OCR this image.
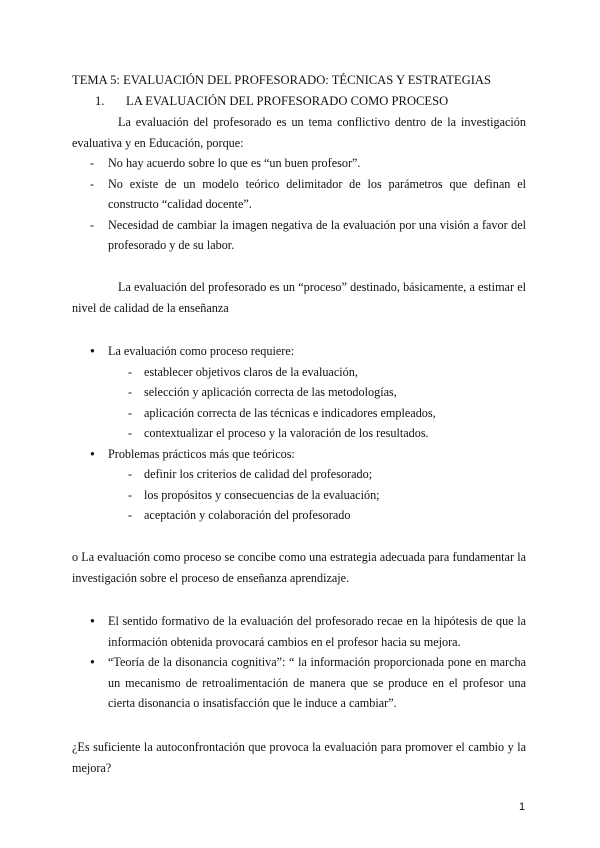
TEMA 5: EVALUACIÓN DEL PROFESORADO: TÉCNICAS Y ESTRATEGIAS
1. LA EVALUACIÓN DEL PROFESORADO COMO PROCESO
La evaluación del profesorado es un tema conflictivo dentro de la investigación evaluativa y en Educación, porque:
- No hay acuerdo sobre lo que es “un buen profesor”.
- No existe de un modelo teórico delimitador de los parámetros que definan el constructo “calidad docente”.
- Necesidad de cambiar la imagen negativa de la evaluación por una visión a favor del profesorado y de su labor.
La evaluación del profesorado es un “proceso” destinado, básicamente, a estimar el nivel de calidad de la enseñanza
● La evaluación como proceso requiere:
- establecer objetivos claros de la evaluación,
- selección y aplicación correcta de las metodologías,
- aplicación correcta de las técnicas e indicadores empleados,
- contextualizar el proceso y la valoración de los resultados.
● Problemas prácticos más que teóricos:
- definir los criterios de calidad del profesorado;
- los propósitos y consecuencias de la evaluación;
- aceptación y colaboración del profesorado
o La evaluación como proceso se concibe como una estrategia adecuada para fundamentar la investigación sobre el proceso de enseñanza aprendizaje.
● El sentido formativo de la evaluación del profesorado recae en la hipótesis de que la información obtenida provocará cambios en el profesor hacia su mejora.
● “Teoría de la disonancia cognitiva”: “ la información proporcionada pone en marcha un mecanismo de retroalimentación de manera que se produce en el profesor una cierta disonancia o insatisfacción que le induce a cambiar”.
¿Es suficiente la autoconfrontación que provoca la evaluación para promover el cambio y la mejora?
1
